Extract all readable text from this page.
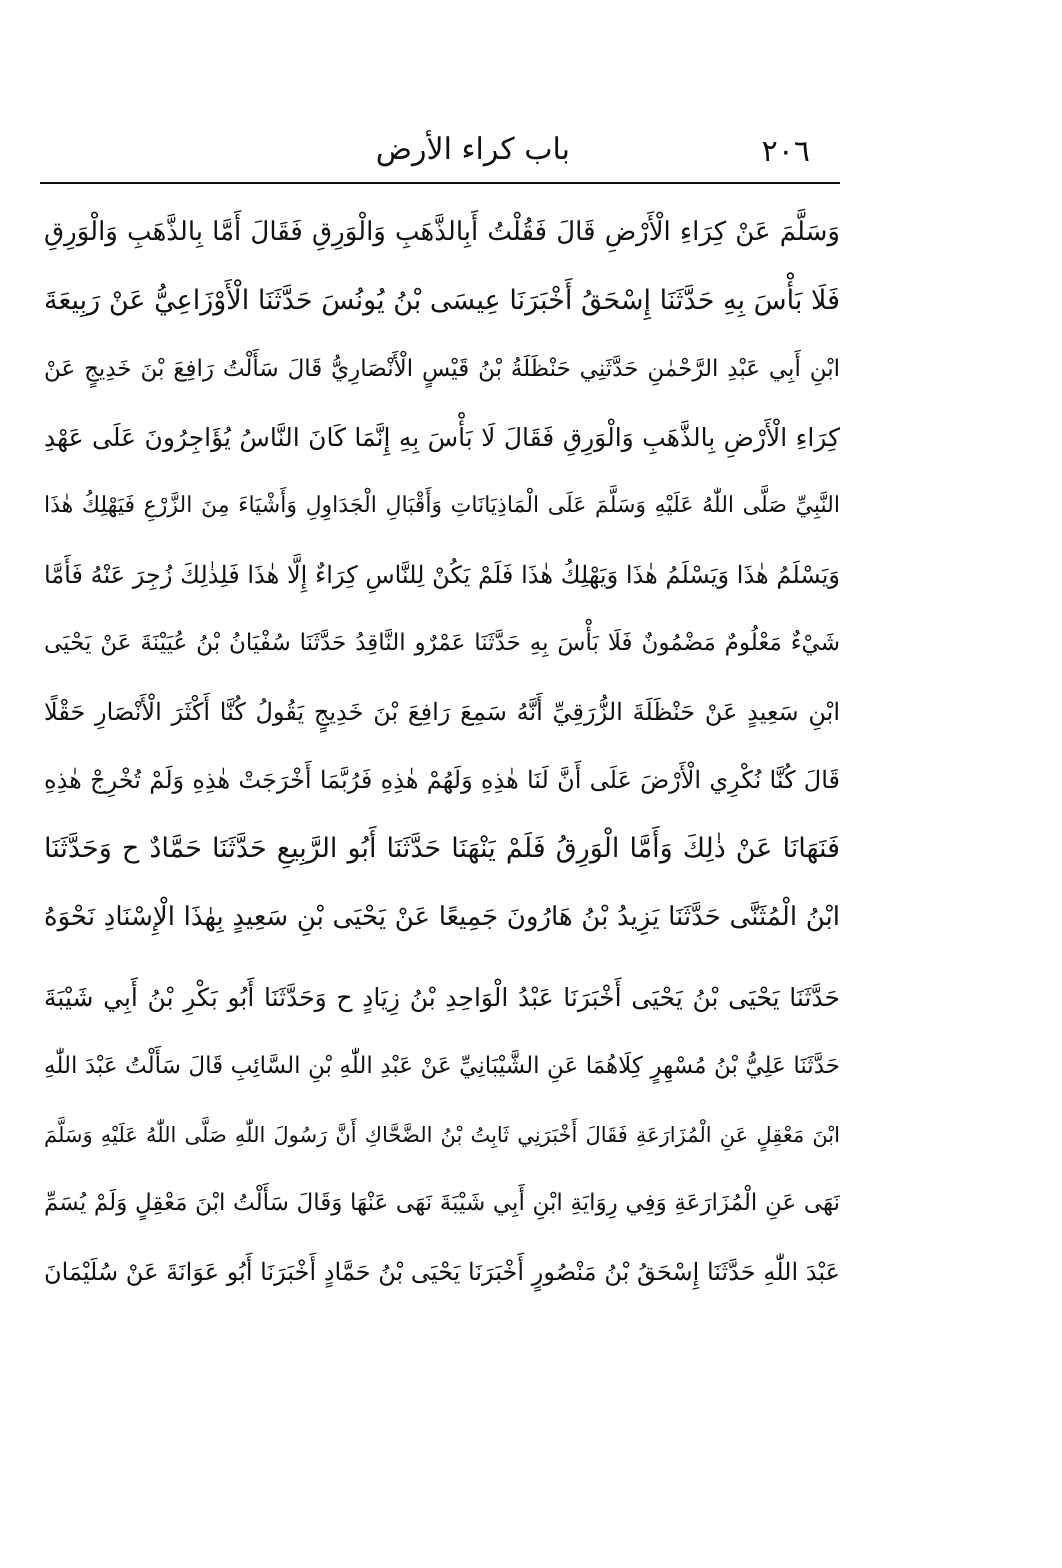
٢٠٦
باب كراء الأرض
وَسَلَّمَ عَنْ كِرَاءِ الْأَرْضِ قَالَ فَقُلْتُ أَبِالذَّهَبِ وَالْوَرِقِ فَقَالَ أَمَّا بِالذَّهَبِ وَالْوَرِقِ
فَلَا بَأْسَ بِهِ حَدَّثَنَا إِسْحَقُ أَخْبَرَنَا عِيسَى بْنُ يُونُسَ حَدَّثَنَا الْأَوْزَاعِيُّ عَنْ رَبِيعَةَ
ابْنِ أَبِي عَبْدِ الرَّحْمٰنِ حَدَّثَنِي حَنْظَلَةُ بْنُ قَيْسٍ الْأَنْصَارِيُّ قَالَ سَأَلْتُ رَافِعَ بْنَ خَدِيجٍ عَنْ
كِرَاءِ الْأَرْضِ بِالذَّهَبِ وَالْوَرِقِ فَقَالَ لَا بَأْسَ بِهِ إِنَّمَا كَانَ النَّاسُ يُؤَاجِرُونَ عَلَى عَهْدِ
النَّبِيِّ صَلَّى اللّٰهُ عَلَيْهِ وَسَلَّمَ عَلَى الْمَاذِيَانَاتِ وَأَقْبَالِ الْجَدَاوِلِ وَأَشْيَاءَ مِنَ الزَّرْعِ فَيَهْلِكُ هٰذَا
وَيَسْلَمُ هٰذَا وَيَسْلَمُ هٰذَا وَيَهْلِكُ هٰذَا فَلَمْ يَكُنْ لِلنَّاسِ كِرَاءٌ إِلَّا هٰذَا فَلِذٰلِكَ زُجِرَ عَنْهُ فَأَمَّا
شَيْءٌ مَعْلُومٌ مَضْمُونٌ فَلَا بَأْسَ بِهِ حَدَّثَنَا عَمْرٌو النَّاقِدُ حَدَّثَنَا سُفْيَانُ بْنُ عُيَيْنَةَ عَنْ يَحْيَى
ابْنِ سَعِيدٍ عَنْ حَنْظَلَةَ الزُّرَقِيِّ أَنَّهُ سَمِعَ رَافِعَ بْنَ خَدِيجٍ يَقُولُ كُنَّا أَكْثَرَ الْأَنْصَارِ حَقْلًا
قَالَ كُنَّا نُكْرِي الْأَرْضَ عَلَى أَنَّ لَنَا هٰذِهِ وَلَهُمْ هٰذِهِ فَرُبَّمَا أَخْرَجَتْ هٰذِهِ وَلَمْ تُخْرِجْ هٰذِهِ
فَنَهَانَا عَنْ ذٰلِكَ وَأَمَّا الْوَرِقُ فَلَمْ يَنْهَنَا حَدَّثَنَا أَبُو الرَّبِيعِ حَدَّثَنَا حَمَّادٌ ح وَحَدَّثَنَا
ابْنُ الْمُثَنَّى حَدَّثَنَا يَزِيدُ بْنُ هَارُونَ جَمِيعًا عَنْ يَحْيَى بْنِ سَعِيدٍ بِهٰذَا الْإِسْنَادِ نَحْوَهُ
حَدَّثَنَا يَحْيَى بْنُ يَحْيَى أَخْبَرَنَا عَبْدُ الْوَاحِدِ بْنُ زِيَادٍ ح وَحَدَّثَنَا أَبُو بَكْرِ بْنُ أَبِي شَيْبَةَ
حَدَّثَنَا عَلِيُّ بْنُ مُسْهِرٍ كِلَاهُمَا عَنِ الشَّيْبَانِيِّ عَنْ عَبْدِ اللّٰهِ بْنِ السَّائِبِ قَالَ سَأَلْتُ عَبْدَ اللّٰهِ
ابْنَ مَعْقِلٍ عَنِ الْمُزَارَعَةِ فَقَالَ أَخْبَرَنِي ثَابِتُ بْنُ الضَّحَّاكِ أَنَّ رَسُولَ اللّٰهِ صَلَّى اللّٰهُ عَلَيْهِ وَسَلَّمَ
نَهَى عَنِ الْمُزَارَعَةِ وَفِي رِوَايَةِ ابْنِ أَبِي شَيْبَةَ نَهَى عَنْهَا وَقَالَ سَأَلْتُ ابْنَ مَعْقِلٍ وَلَمْ يُسَمِّ
عَبْدَ اللّٰهِ حَدَّثَنَا إِسْحَقُ بْنُ مَنْصُورٍ أَخْبَرَنَا يَحْيَى بْنُ حَمَّادٍ أَخْبَرَنَا أَبُو عَوَانَةَ عَنْ سُلَيْمَانَ
